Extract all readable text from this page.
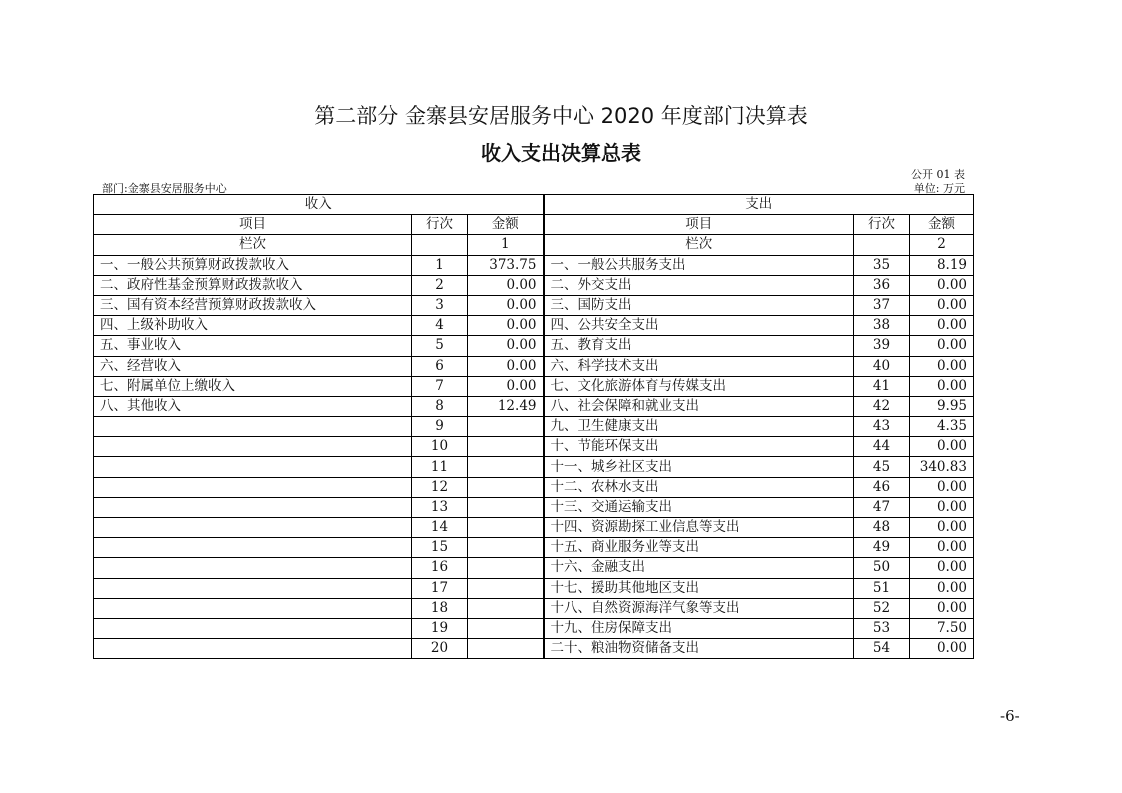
第二部分 金寨县安居服务中心 2020 年度部门决算表
收入支出决算总表
公开 01 表
部门:金寨县安居服务中心	单位: 万元
收入			支出		
项目	行次	金额	项目	行次	金额
栏次		1	栏次		2
一、一般公共预算财政拨款收入	1	373.75	一、一般公共服务支出	35	8.19
二、政府性基金预算财政拨款收入	2	0.00	二、外交支出	36	0.00
三、国有资本经营预算财政拨款收入	3	0.00	三、国防支出	37	0.00
四、上级补助收入	4	0.00	四、公共安全支出	38	0.00
五、事业收入	5	0.00	五、教育支出	39	0.00
六、经营收入	6	0.00	六、科学技术支出	40	0.00
七、附属单位上缴收入	7	0.00	七、文化旅游体育与传媒支出	41	0.00
八、其他收入	8	12.49	八、社会保障和就业支出	42	9.95
	9		九、卫生健康支出	43	4.35
	10		十、节能环保支出	44	0.00
	11		十一、城乡社区支出	45	340.83
	12		十二、农林水支出	46	0.00
	13		十三、交通运输支出	47	0.00
	14		十四、资源勘探工业信息等支出	48	0.00
	15		十五、商业服务业等支出	49	0.00
	16		十六、金融支出	50	0.00
	17		十七、援助其他地区支出	51	0.00
	18		十八、自然资源海洋气象等支出	52	0.00
	19		十九、住房保障支出	53	7.50
	20		二十、粮油物资储备支出	54	0.00
-6-
